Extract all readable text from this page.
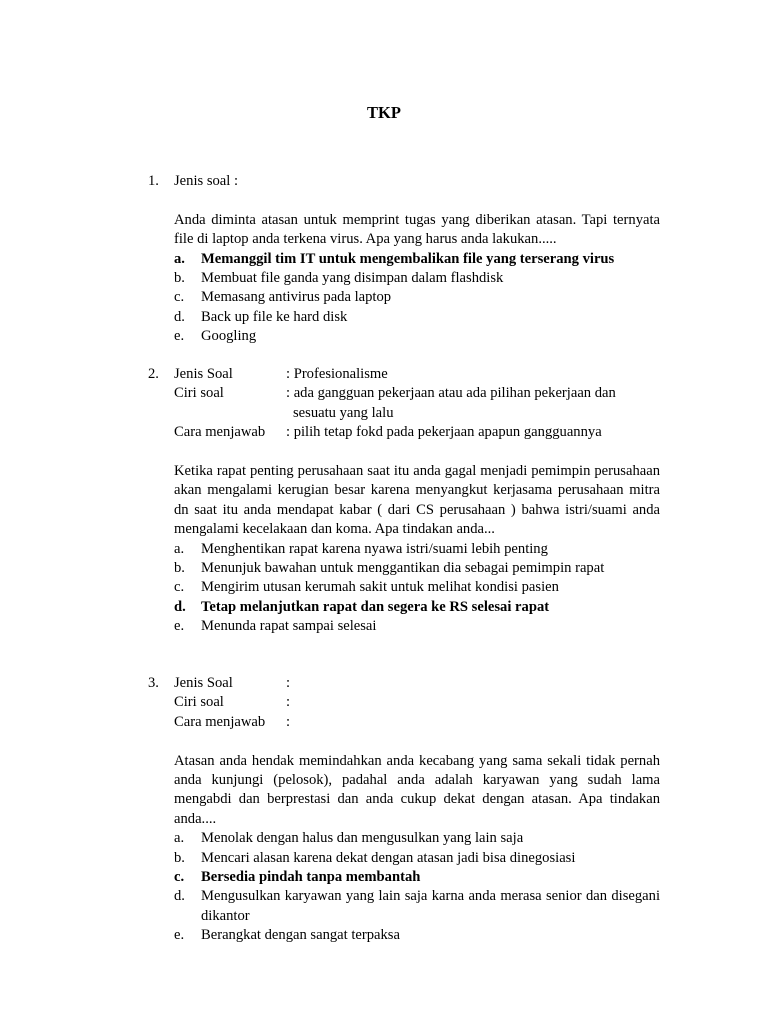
TKP
1. Jenis soal :

Anda diminta atasan untuk memprint tugas yang diberikan atasan. Tapi ternyata file di laptop anda terkena virus. Apa yang harus anda lakukan.....

a. Memanggil tim IT untuk mengembalikan file yang terserang virus
b. Membuat file ganda yang disimpan dalam flashdisk
c. Memasang antivirus pada laptop
d. Back up file ke hard disk
e. Googling
2. Jenis Soal	: Profesionalisme
Ciri soal	: ada gangguan pekerjaan atau ada pilihan pekerjaan dan
sesuatu yang lalu
Cara menjawab : pilih tetap fokd pada pekerjaan apapun gangguannya

Ketika rapat penting perusahaan saat itu anda gagal menjadi pemimpin perusahaan akan mengalami kerugian besar karena menyangkut kerjasama perusahaan mitra dn saat itu anda mendapat kabar ( dari CS perusahaan ) bahwa istri/suami anda mengalami kecelakaan dan koma. Apa tindakan anda...

a. Menghentikan rapat karena nyawa istri/suami lebih penting
b. Menunjuk bawahan untuk menggantikan dia sebagai pemimpin rapat
c. Mengirim utusan kerumah sakit untuk melihat kondisi pasien
d. Tetap melanjutkan rapat dan segera ke RS selesai rapat
e. Menunda rapat sampai selesai
3. Jenis Soal	:
Ciri soal	:
Cara menjawab :

Atasan anda hendak memindahkan anda kecabang yang sama sekali tidak pernah anda kunjungi (pelosok), padahal anda adalah karyawan yang sudah lama mengabdi dan berprestasi dan anda cukup dekat dengan atasan. Apa tindakan anda....

a. Menolak dengan halus dan mengusulkan yang lain saja
b. Mencari alasan karena dekat dengan atasan jadi bisa dinegosiasi
c. Bersedia pindah tanpa membantah
d. Mengusulkan karyawan yang lain saja karna anda merasa senior dan disegani dikantor
e. Berangkat dengan sangat terpaksa
